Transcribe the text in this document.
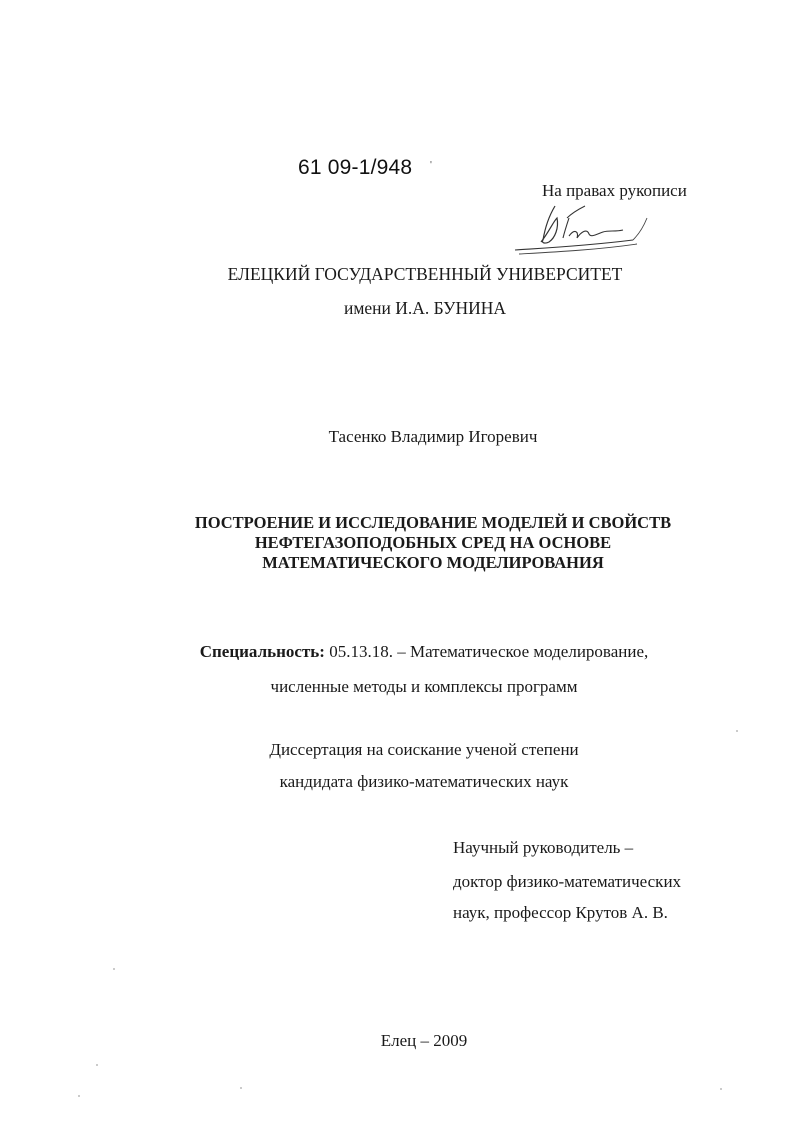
61 09-1/948 '
На правах рукописи
ЕЛЕЦКИЙ ГОСУДАРСТВЕННЫЙ УНИВЕРСИТЕТ
имени И.А. БУНИНА
Тасенко Владимир Игоревич
ПОСТРОЕНИЕ И ИССЛЕДОВАНИЕ МОДЕЛЕЙ И СВОЙСТВ
НЕФТЕГАЗОПОДОБНЫХ СРЕД НА ОСНОВЕ
МАТЕМАТИЧЕСКОГО МОДЕЛИРОВАНИЯ
Специальность: 05.13.18. – Математическое моделирование,
численные методы и комплексы программ
Диссертация на соискание ученой степени
кандидата физико-математических наук
Научный руководитель –
доктор физико-математических
наук, профессор Крутов А. В.
Елец – 2009
